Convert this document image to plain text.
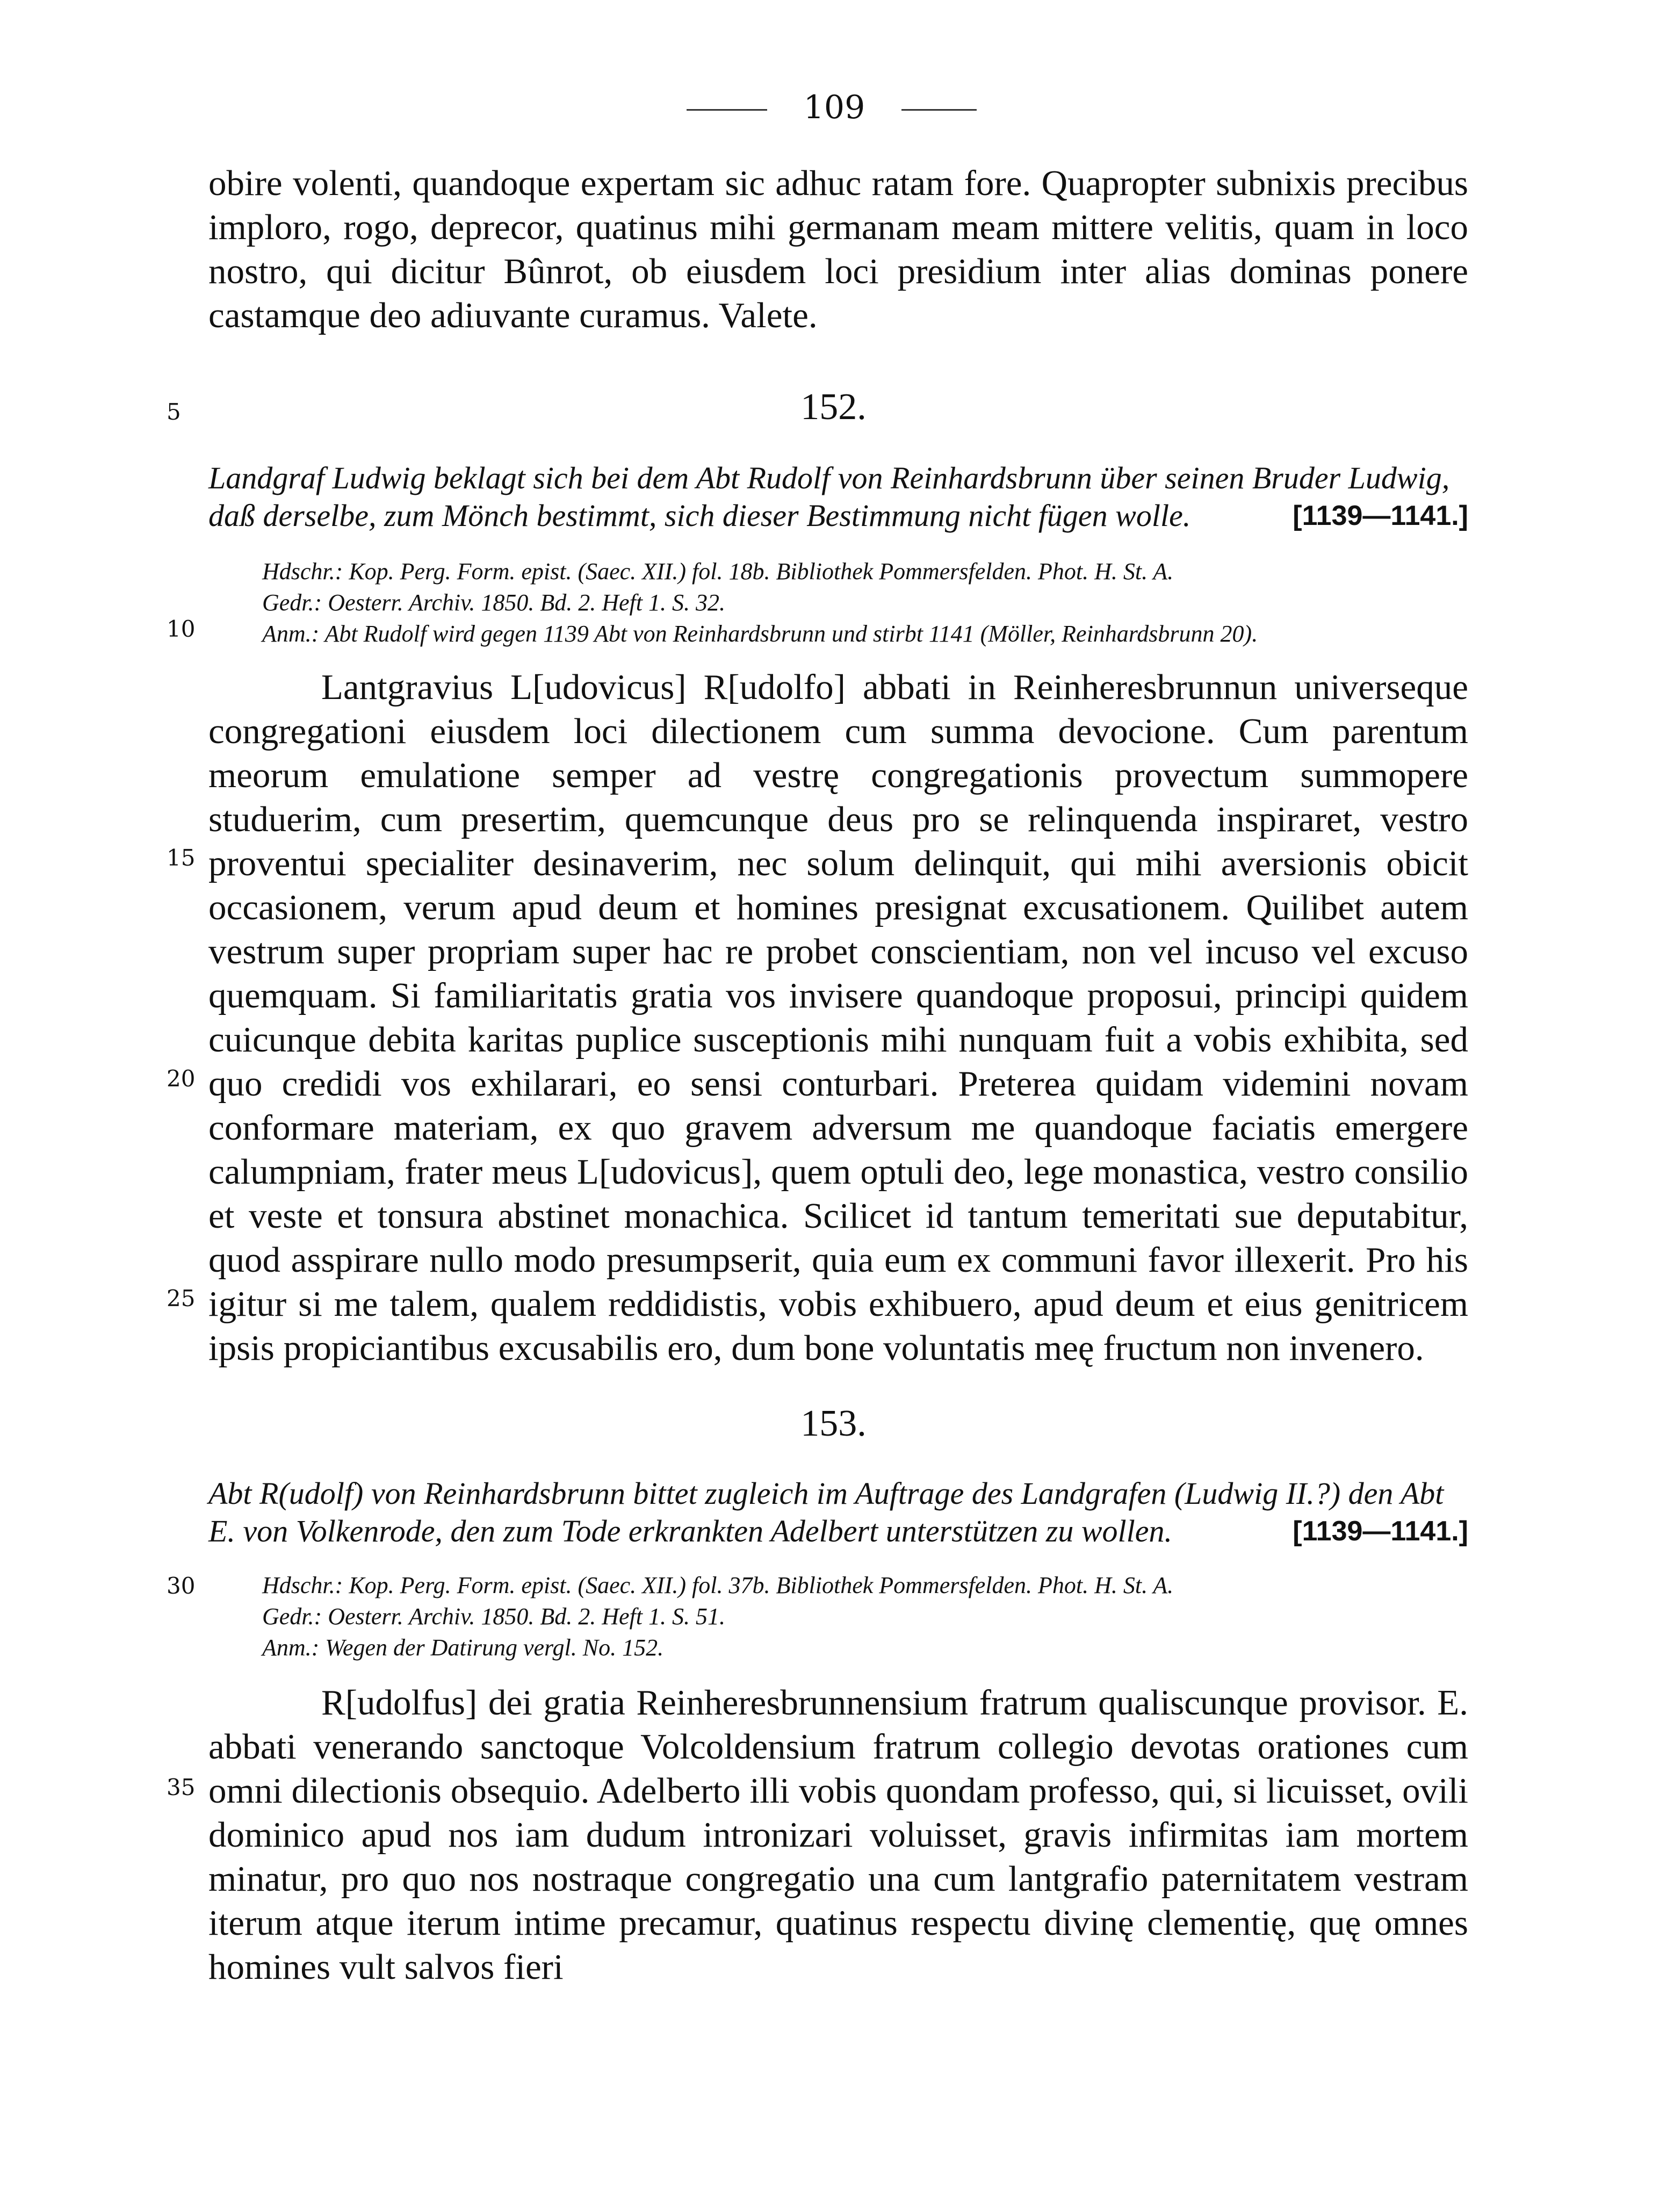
109
5
10
15
20
25
30
35

obire volenti, quandoque expertam sic adhuc ratam fore. Quapropter subnixis precibus imploro, rogo, deprecor, quatinus mihi germanam meam mittere velitis, quam in loco nostro, qui dicitur Bûnrot, ob eiusdem loci presidium inter alias dominas ponere castamque deo adiuvante curamus. Valete.

152.
Landgraf Ludwig beklagt sich bei dem Abt Rudolf von Reinhardsbrunn über seinen Bruder Ludwig, daß derselbe, zum Mönch bestimmt, sich dieser Bestimmung nicht fügen wolle.	[1139—1141.]
Hdschr.: Kop. Perg. Form. epist. (Saec. XII.) fol. 18b. Bibliothek Pommersfelden. Phot. H. St. A.
Gedr.: Oesterr. Archiv. 1850. Bd. 2. Heft 1. S. 32.
Anm.: Abt Rudolf wird gegen 1139 Abt von Reinhardsbrunn und stirbt 1141 (Möller, Reinhardsbrunn 20).

Lantgravius L[udovicus] R[udolfo] abbati in Reinheresbrunnun universeque congregationi eiusdem loci dilectionem cum summa devocione. Cum parentum meorum emulatione semper ad vestrę congregationis provectum summopere studuerim, cum presertim, quemcunque deus pro se relinquenda inspiraret, vestro proventui specialiter desinaverim, nec solum delinquit, qui mihi aversionis obicit occasionem, verum apud deum et homines presignat excusationem. Quilibet autem vestrum super propriam super hac re probet conscientiam, non vel incuso vel excuso quemquam. Si familiaritatis gratia vos invisere quandoque proposui, principi quidem cuicunque debita karitas puplice susceptionis mihi nunquam fuit a vobis exhibita, sed quo credidi vos exhilarari, eo sensi conturbari. Preterea quidam videmini novam conformare materiam, ex quo gravem adversum me quandoque faciatis emergere calumpniam, frater meus L[udovicus], quem optuli deo, lege monastica, vestro consilio et veste et tonsura abstinet monachica. Scilicet id tantum temeritati sue deputabitur, quod asspirare nullo modo presumpserit, quia eum ex communi favor illexerit. Pro his igitur si me talem, qualem reddidistis, vobis exhibuero, apud deum et eius genitricem ipsis propiciantibus excusabilis ero, dum bone voluntatis meę fructum non invenero.

153.
Abt R(udolf) von Reinhardsbrunn bittet zugleich im Auftrage des Landgrafen (Ludwig II.?) den Abt E. von Volkenrode, den zum Tode erkrankten Adelbert unterstützen zu wollen.	[1139—1141.]
Hdschr.: Kop. Perg. Form. epist. (Saec. XII.) fol. 37b. Bibliothek Pommersfelden. Phot. H. St. A.
Gedr.: Oesterr. Archiv. 1850. Bd. 2. Heft 1. S. 51.
Anm.: Wegen der Datirung vergl. No. 152.

R[udolfus] dei gratia Reinheresbrunnensium fratrum qualiscunque provisor. E. abbati venerando sanctoque Volcoldensium fratrum collegio devotas orationes cum omni dilectionis obsequio. Adelberto illi vobis quondam professo, qui, si licuisset, ovili dominico apud nos iam dudum intronizari voluisset, gravis infirmitas iam mortem minatur, pro quo nos nostraque congregatio una cum lantgrafio paternitatem vestram iterum atque iterum intime precamur, quatinus respectu divinę clementię, quę omnes homines vult salvos fieri
